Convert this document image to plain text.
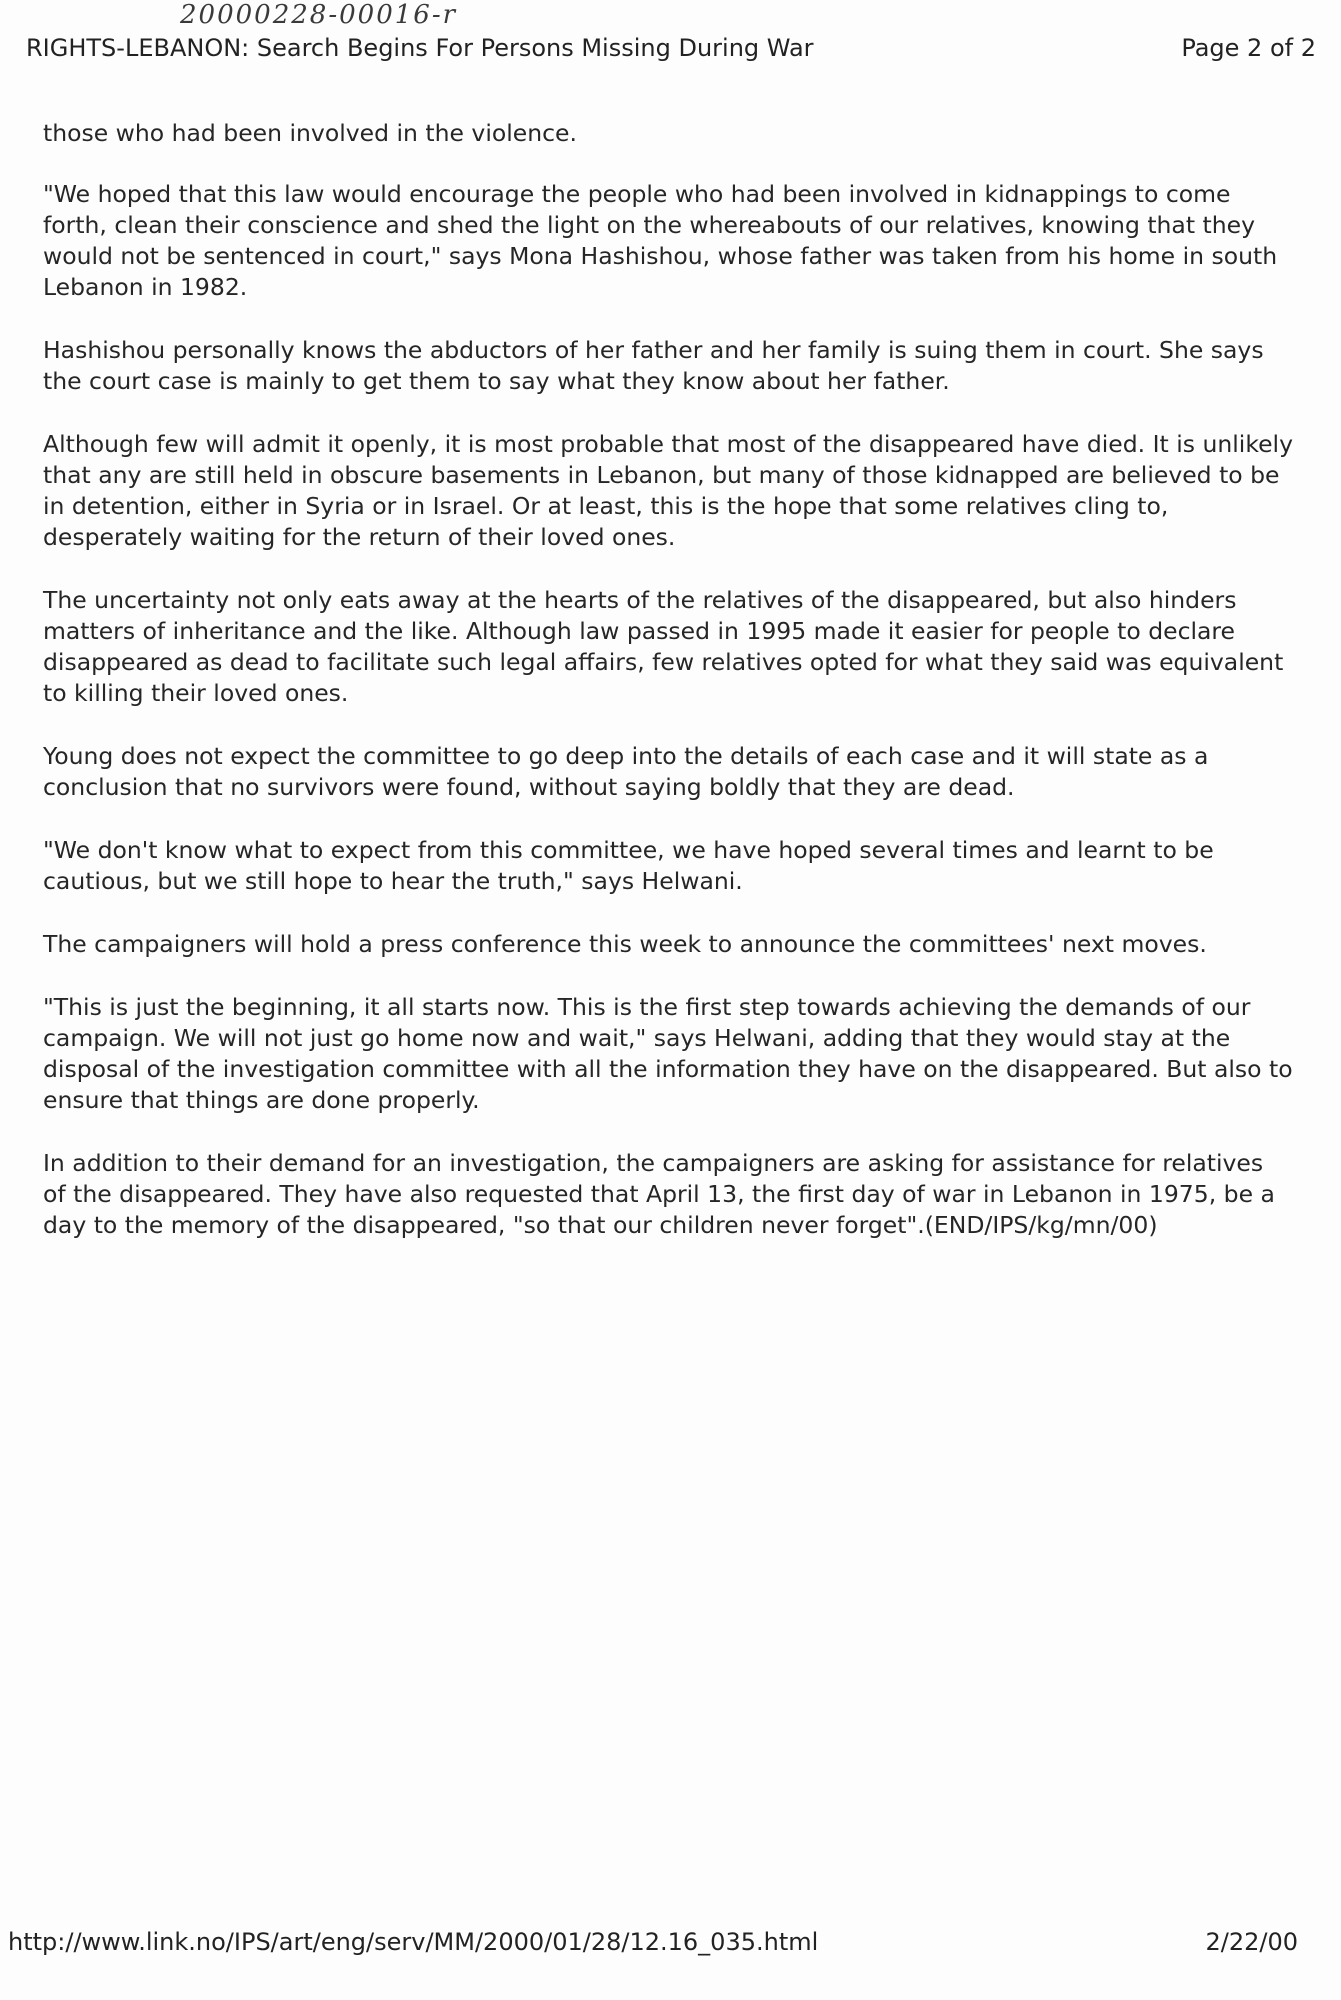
20000228-00016-r
RIGHTS-LEBANON: Search Begins For Persons Missing During War	Page 2 of 2

those who had been involved in the violence.

"We hoped that this law would encourage the people who had been involved in kidnappings to come forth, clean their conscience and shed the light on the whereabouts of our relatives, knowing that they would not be sentenced in court," says Mona Hashishou, whose father was taken from his home in south Lebanon in 1982.

Hashishou personally knows the abductors of her father and her family is suing them in court. She says the court case is mainly to get them to say what they know about her father.

Although few will admit it openly, it is most probable that most of the disappeared have died. It is unlikely that any are still held in obscure basements in Lebanon, but many of those kidnapped are believed to be in detention, either in Syria or in Israel. Or at least, this is the hope that some relatives cling to, desperately waiting for the return of their loved ones.

The uncertainty not only eats away at the hearts of the relatives of the disappeared, but also hinders matters of inheritance and the like. Although law passed in 1995 made it easier for people to declare disappeared as dead to facilitate such legal affairs, few relatives opted for what they said was equivalent to killing their loved ones.

Young does not expect the committee to go deep into the details of each case and it will state as a conclusion that no survivors were found, without saying boldly that they are dead.

"We don't know what to expect from this committee, we have hoped several times and learnt to be cautious, but we still hope to hear the truth," says Helwani.

The campaigners will hold a press conference this week to announce the committees' next moves.

"This is just the beginning, it all starts now. This is the first step towards achieving the demands of our campaign. We will not just go home now and wait," says Helwani, adding that they would stay at the disposal of the investigation committee with all the information they have on the disappeared. But also to ensure that things are done properly.

In addition to their demand for an investigation, the campaigners are asking for assistance for relatives of the disappeared. They have also requested that April 13, the first day of war in Lebanon in 1975, be a day to the memory of the disappeared, "so that our children never forget".(END/IPS/kg/mn/00)

http://www.link.no/IPS/art/eng/serv/MM/2000/01/28/12.16_035.html	2/22/00
